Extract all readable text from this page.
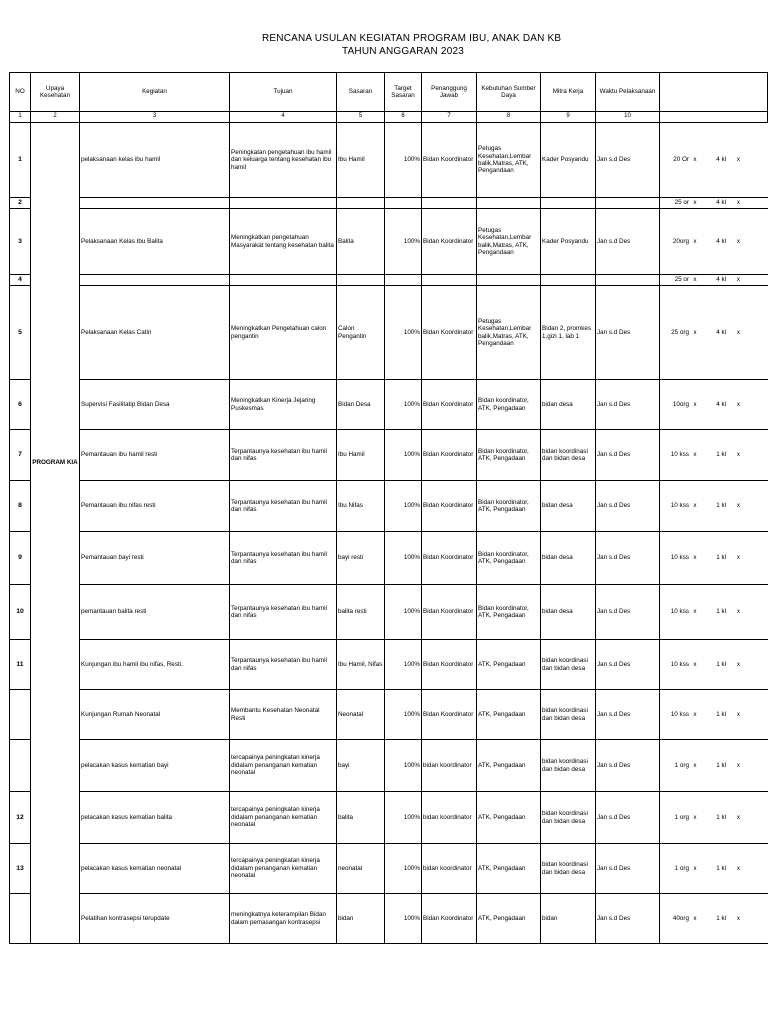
RENCANA USULAN KEGIATAN PROGRAM IBU, ANAK DAN KB
TAHUN ANGGARAN 2023
NO	Upaya Kesehatan	Kegiatan	Tujuan	Sasaran	Target Sasaran	Penanggung Jawab	Kebutuhan Sumber Daya	Mitra Kerja	Waktu Pelaksanaan	
1	2	3	4	5	6	7	8	9	10	
1	PROGRAM KIA	pelaksanaan kelas ibu hamil	Peningkatan pengetahuan ibu hamil dan keluarga tentang kesehatan ibu hamil	Ibu Hamil	100%	Bidan Koordinator	Petugas Kesehatan,Lembar balik,Matras, ATK, Pengandaan	Kader Posyandu	Jan s.d Des	20 Or x 4 kl x
2										25 or x 4 kl x
3		Pelaksanaan Kelas Ibu Balita	Meningkatkan pengetahuan Masyarakat tentang kesehatan balita	Balita	100%	Bidan Koordinator	Petugas Kesehatan,Lembar balik,Matras, ATK, Pengandaan	Kader Posyandu	Jan s.d Des	20org x 4 kl x
4										25 or x 4 kl x
5		Pelaksanaan Kelas Catin	Meningkatkan Pengetahuan calon pengantin	Calon Pengantin	100%	Bidan Koordinator	Petugas Kesehatan,Lembar balik,Matras, ATK, Pengandaan	Bidan 2, promkes 1,gizi 1, lab 1	Jan s.d Des	25 org x 4 kl x
6		Supervisi Fasilitatip Bidan Desa	Meningkatkan Kinerja Jejaring Puskesmas	Bidan Desa	100%	Bidan Koordinator	Bidan koordinator, ATK, Pengadaan	bidan desa	Jan s.d Des	10org x 4 kl x
7		Pemantauan ibu hamil resti	Terpantaunya kesehatan ibu hamil dan nifas	Ibu Hamil	100%	Bidan Koordinator	Bidan koordinator, ATK, Pengadaan	bidan koordinasi dan bidan desa	Jan s.d Des	10 kss x 1 kl x
8		Pemantauan ibu nifas resti	Terpantaunya kesehatan ibu hamil dan nifas	Ibu Nifas	100%	Bidan Koordinator	Bidan koordinator, ATK, Pengadaan	bidan desa	Jan s.d Des	10 kss x 1 kl x
9		Pemantauan bayi resti	Terpantaunya kesehatan ibu hamil dan nifas	bayi resti	100%	Bidan Koordinator	Bidan koordinator, ATK, Pengadaan	bidan desa	Jan s.d Des	10 kss x 1 kl x
10		pemantauan balita resti	Terpantaunya kesehatan ibu hamil dan nifas	balita resti	100%	Bidan Koordinator	Bidan koordinator, ATK, Pengadaan	bidan desa	Jan s.d Des	10 kss x 1 kl x
11		Kunjungan ibu hamil ibu nifas, Resti.	Terpantaunya kesehatan ibu hamil dan nifas	Ibu Hamil, Nifas	100%	Bidan Koordinator	ATK, Pengadaan	bidan koordinasi dan bidan desa	Jan s.d Des	10 kss x 1 kl x
		Kunjungan Rumah Neonatal	Membantu Kesehatan Neonatal Resti	Neonatal	100%	Bidan Koordinator	ATK, Pengadaan	bidan koordinasi dan bidan desa	Jan s.d Des	10 kss x 1 kl x
		pelacakan kasus kematian bayi	tercapainya peningkatan kinerja didalam penanganan kematian neonatal	bayi	100%	bidan koordinator	ATK, Pengadaan	bidan koordinasi dan bidan desa	Jan s.d Des	1 org x 1 kl x
12		pelacakan kasus kematian balita	tercapainya peningkatan kinerja didalam penanganan kematian neonatal	balita	100%	bidan koordinator	ATK, Pengadaan	bidan koordinasi dan bidan desa	Jan s.d Des	1 org x 1 kl x
13		pelacakan kasus kematian neonatal	tercapainya peningkatan kinerja didalam penanganan kematian neonatal	neonatal	100%	bidan koordinator	ATK, Pengadaan	bidan koordinasi dan bidan desa	Jan s.d Des	1 org x 1 kl x
		Pelatihan kontrasepsi terupdate	meningkatnya keterampilan Bidan dalam pemasangan kontrasepsi	bidan	100%	Bidan Koordinator	ATK, Pengadaan	bidan	Jan s.d Des	40org x 1 kl x
